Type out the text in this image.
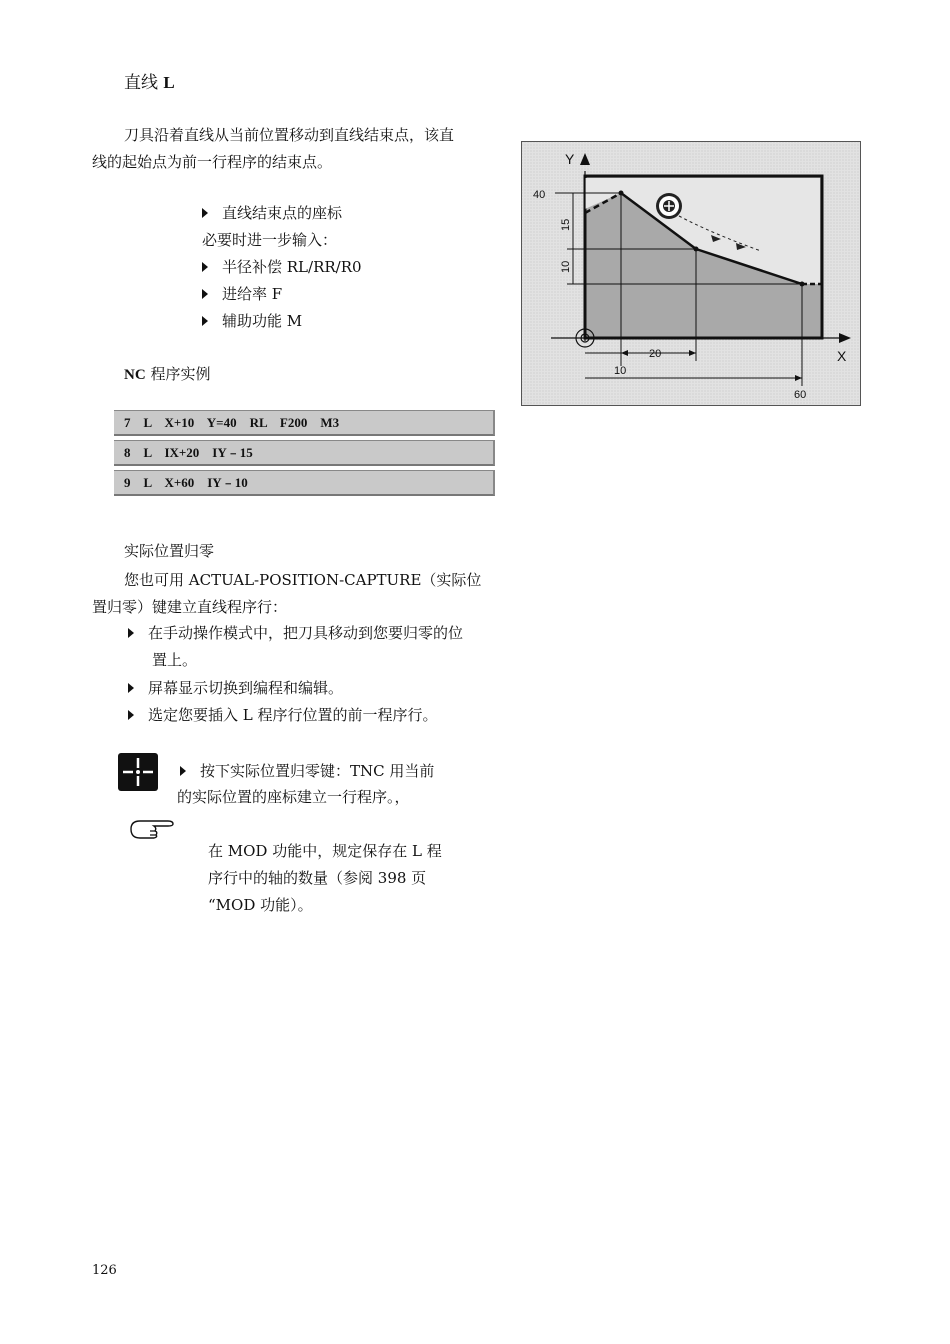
直线 L
刀具沿着直线从当前位置移动到直线结束点，该直
线的起始点为前一行程序的结束点。
直线结束点的座标
必要时进一步输入：
半径补偿 RL/RR/R0
进给率 F
辅助功能 M
NC 程序实例
7    L    X+10    Y=40    RL    F200    M3
8    L    IX+20    IY﹣15
9    L    X+60    IY﹣10
Y
X
40
15
10
20
10
60
实际位置归零
您也可用 ACTUAL-POSITION-CAPTURE（实际位
置归零）键建立直线程序行：
在手动操作模式中，把刀具移动到您要归零的位
置上。
屏幕显示切换到编程和编辑。
选定您要插入 L 程序行位置的前一程序行。
按下实际位置归零键：TNC 用当前
的实际位置的座标建立一行程序。，
在 MOD 功能中，规定保存在 L 程
序行中的轴的数量（参阅 398 页
“MOD 功能）。
126
